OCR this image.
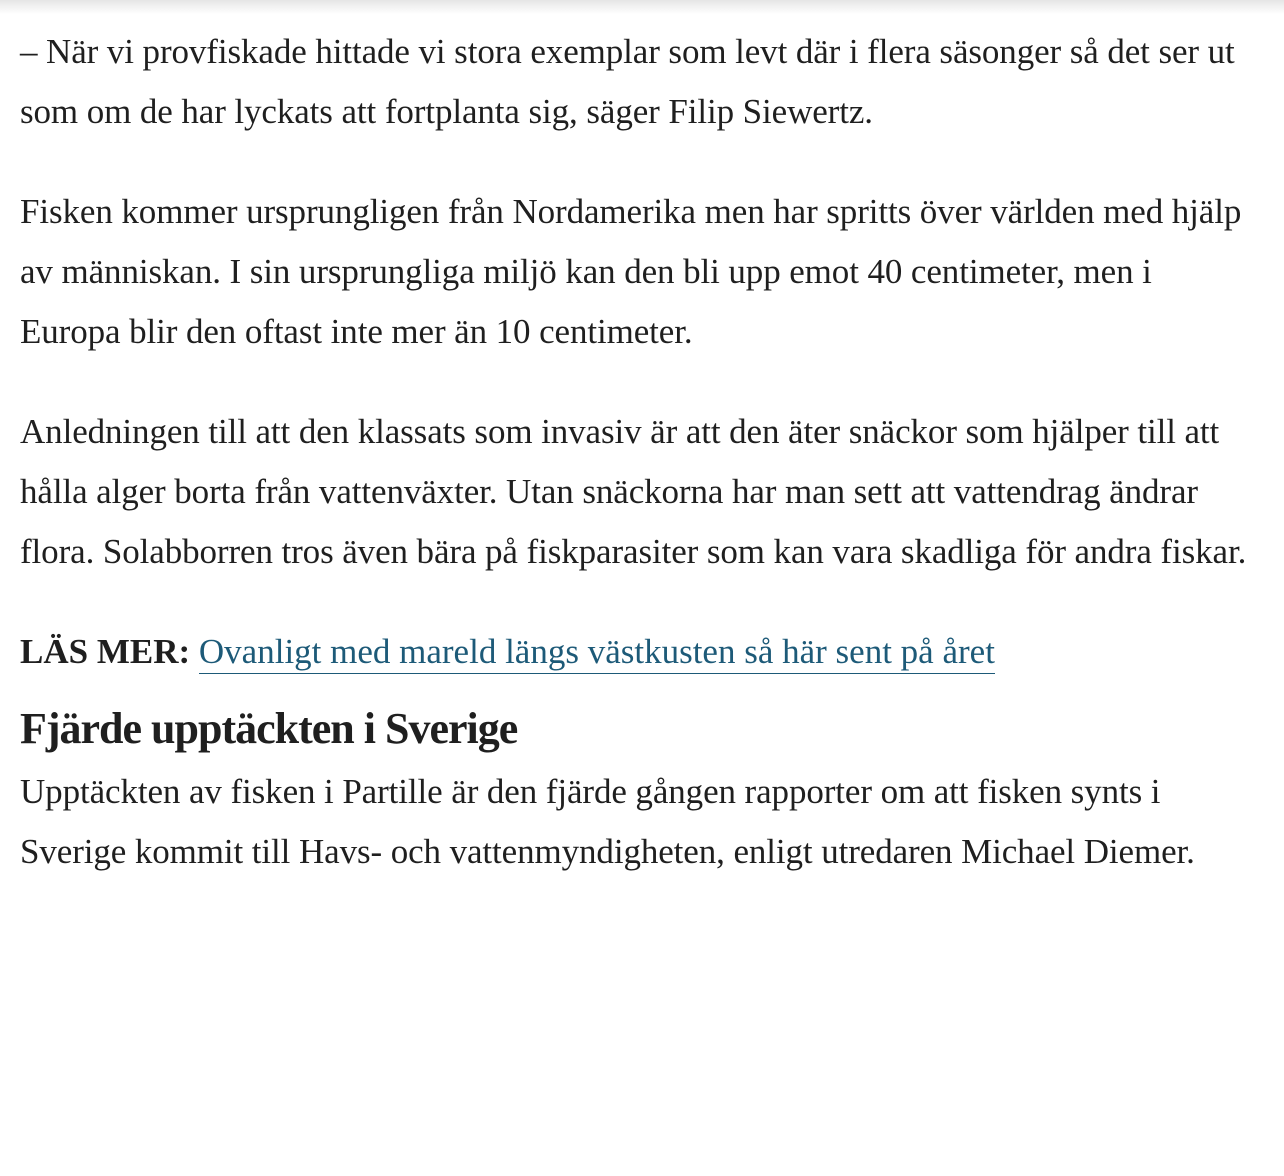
– När vi provfiskade hittade vi stora exemplar som levt där i flera säsonger så det ser ut som om de har lyckats att fortplanta sig, säger Filip Siewertz.

Fisken kommer ursprungligen från Nordamerika men har spritts över världen med hjälp av människan. I sin ursprungliga miljö kan den bli upp emot 40 centimeter, men i Europa blir den oftast inte mer än 10 centimeter.

Anledningen till att den klassats som invasiv är att den äter snäckor som hjälper till att hålla alger borta från vattenväxter. Utan snäckorna har man sett att vattendrag ändrar flora. Solabborren tros även bära på fiskparasiter som kan vara skadliga för andra fiskar.

LÄS MER: Ovanligt med mareld längs västkusten så här sent på året

Fjärde upptäckten i Sverige

Upptäckten av fisken i Partille är den fjärde gången rapporter om att fisken synts i Sverige kommit till Havs- och vattenmyndigheten, enligt utredaren Michael Diemer.
